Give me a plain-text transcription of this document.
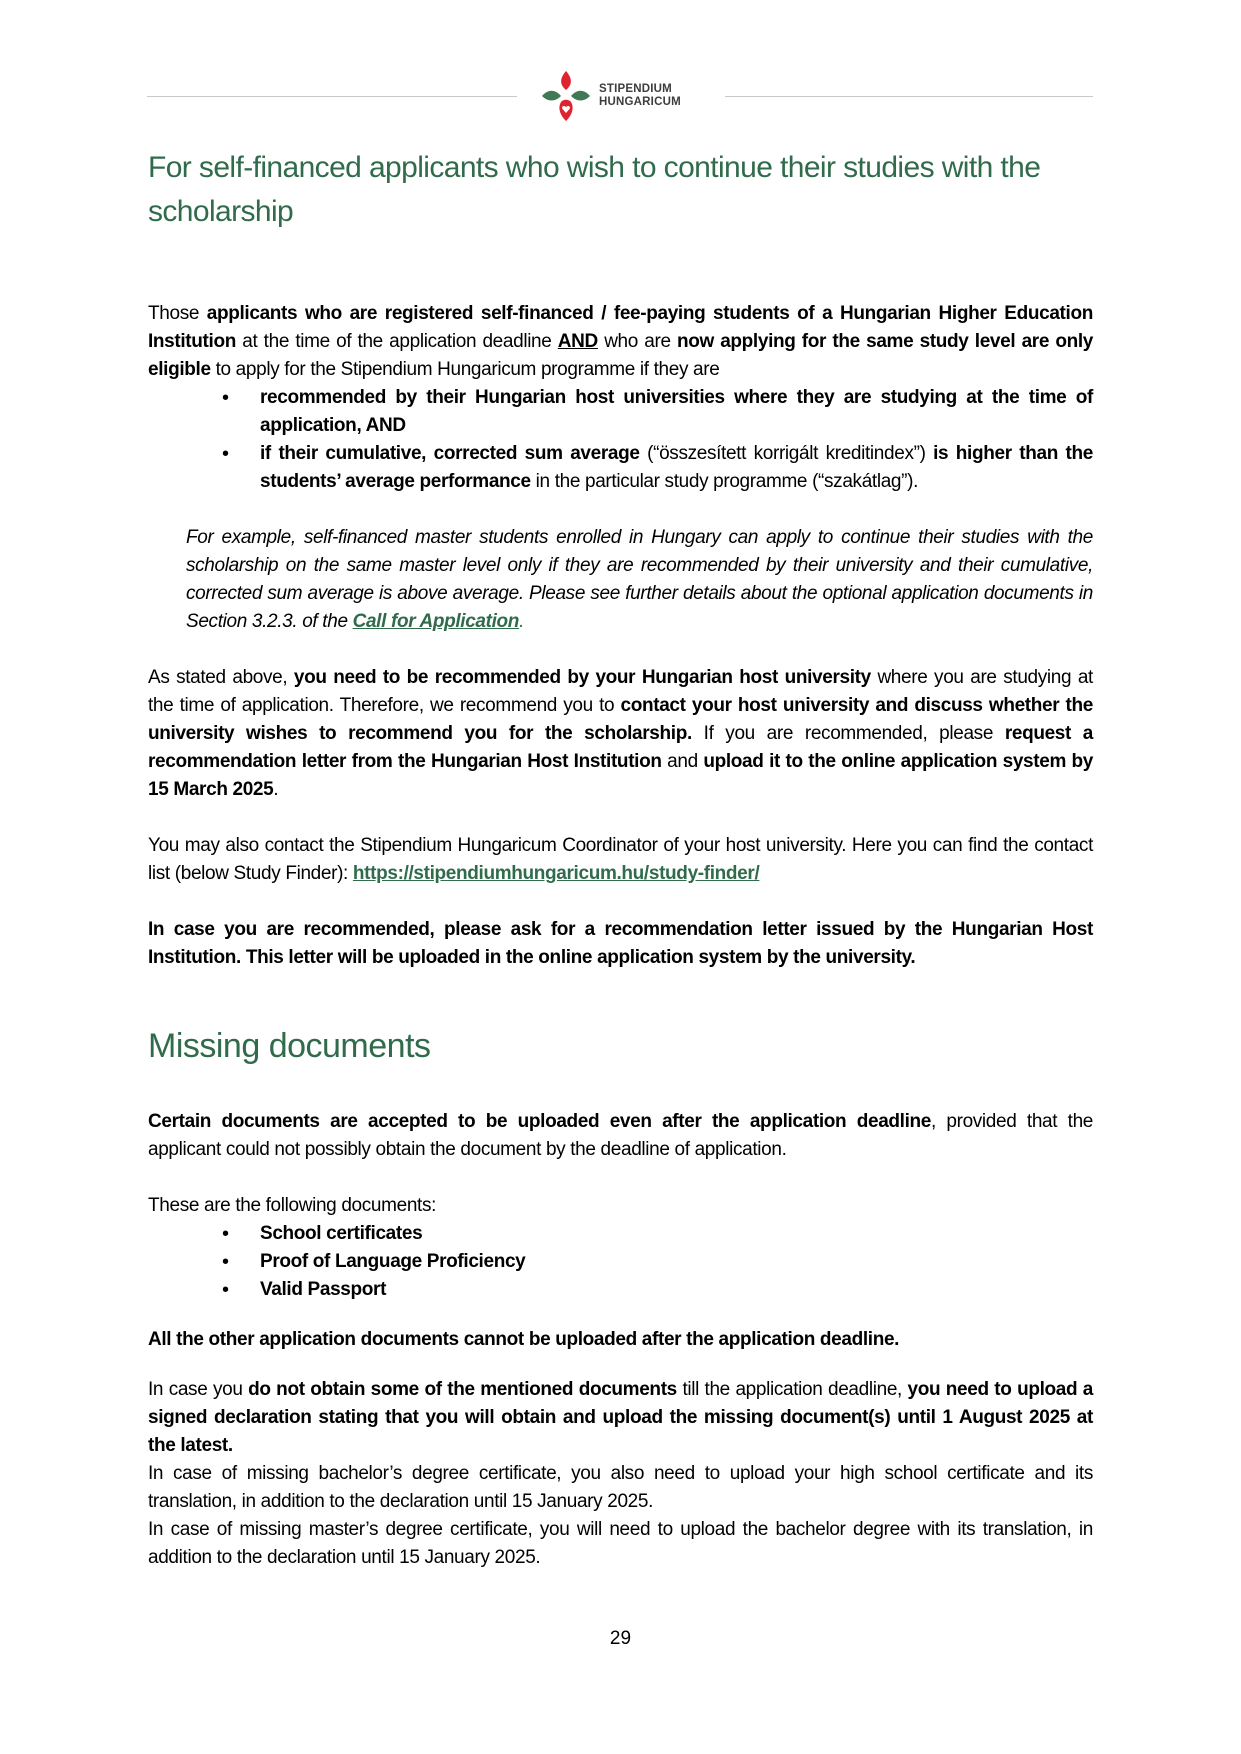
STIPENDIUM
HUNGARICUM
For self-financed applicants who wish to continue their studies with the scholarship

Those applicants who are registered self-financed / fee-paying students of a Hungarian Higher Education Institution at the time of the application deadline AND who are now applying for the same study level are only eligible to apply for the Stipendium Hungaricum programme if they are

• recommended by their Hungarian host universities where they are studying at the time of application, AND
• if their cumulative, corrected sum average (“összesített korrigált kreditindex”) is higher than the students’ average performance in the particular study programme (“szakátlag”).

For example, self-financed master students enrolled in Hungary can apply to continue their studies with the scholarship on the same master level only if they are recommended by their university and their cumulative, corrected sum average is above average. Please see further details about the optional application documents in Section 3.2.3. of the Call for Application.

As stated above, you need to be recommended by your Hungarian host university where you are studying at the time of application. Therefore, we recommend you to contact your host university and discuss whether the university wishes to recommend you for the scholarship. If you are recommended, please request a recommendation letter from the Hungarian Host Institution and upload it to the online application system by 15 March 2025.

You may also contact the Stipendium Hungaricum Coordinator of your host university. Here you can find the contact list (below Study Finder): https://stipendiumhungaricum.hu/study-finder/

In case you are recommended, please ask for a recommendation letter issued by the Hungarian Host Institution. This letter will be uploaded in the online application system by the university.

Missing documents

Certain documents are accepted to be uploaded even after the application deadline, provided that the applicant could not possibly obtain the document by the deadline of application.

These are the following documents:

• School certificates
• Proof of Language Proficiency
• Valid Passport

All the other application documents cannot be uploaded after the application deadline.

In case you do not obtain some of the mentioned documents till the application deadline, you need to upload a signed declaration stating that you will obtain and upload the missing document(s) until 1 August 2025 at the latest.

In case of missing bachelor’s degree certificate, you also need to upload your high school certificate and its translation, in addition to the declaration until 15 January 2025.

In case of missing master’s degree certificate, you will need to upload the bachelor degree with its translation, in addition to the declaration until 15 January 2025.

29
